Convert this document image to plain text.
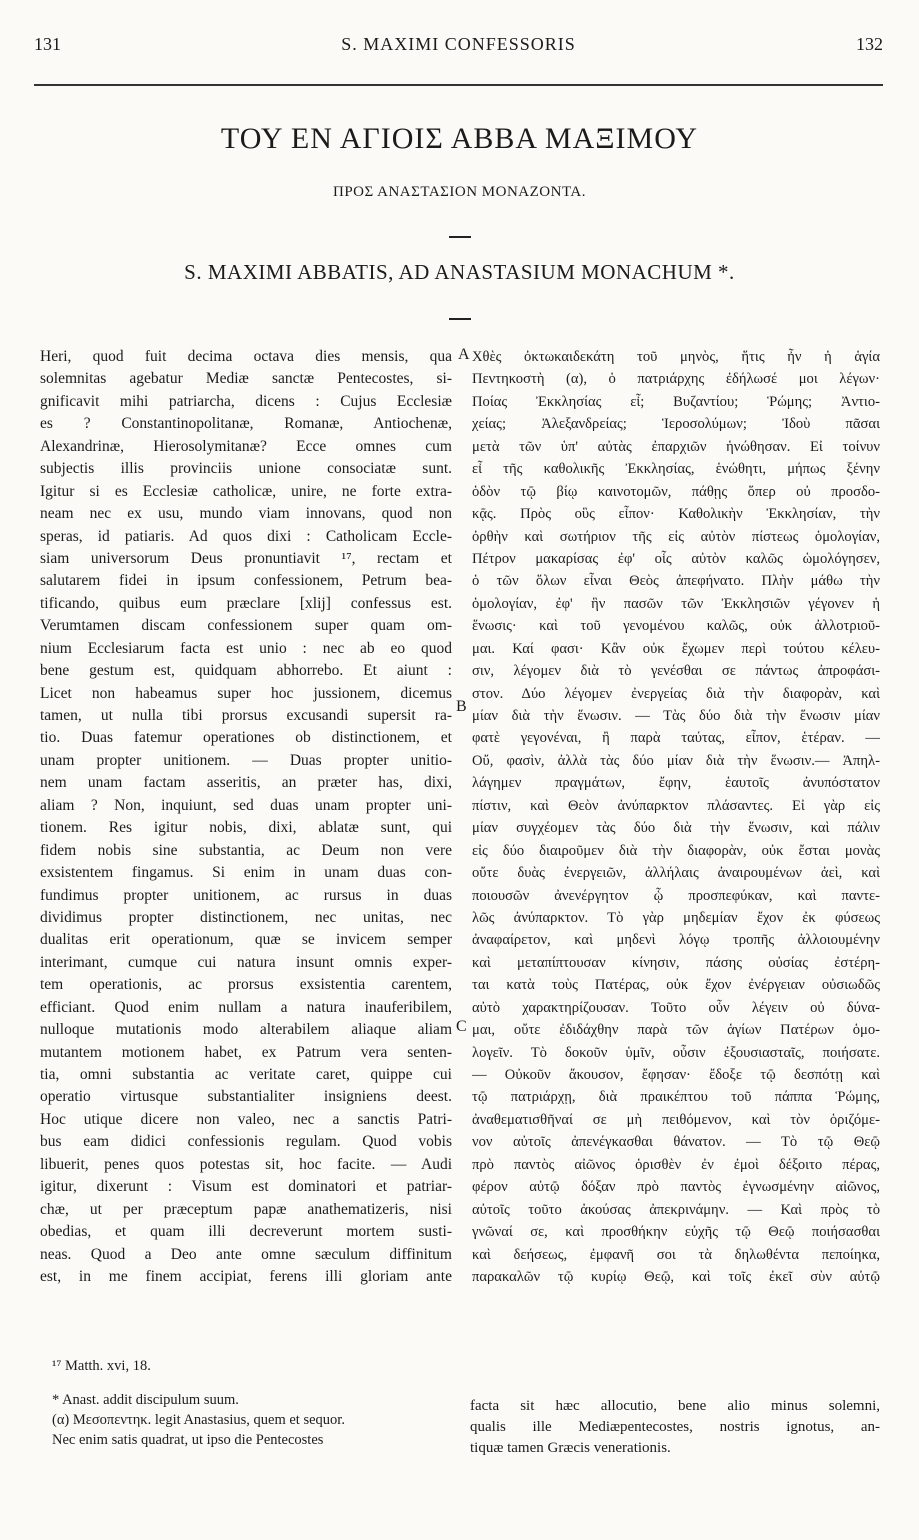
131	S. MAXIMI CONFESSORIS	132
ΤΟΥ ΕΝ ΑΓΙΟΙΣ ΑΒΒΑ ΜΑΞΙΜΟΥ
ΠΡΟΣ ΑΝΑΣΤΑΣΙΟΝ ΜΟΝΑΖΟΝΤΑ.
S. MAXIMI ABBATIS, AD ANASTASIUM MONACHUM *.
Heri, quod fuit decima octava dies mensis, qua
solemnitas agebatur Mediæ sanctæ Pentecostes, si-
gnificavit mihi patriarcha, dicens : Cujus Ecclesiæ
es ? Constantinopolitanæ, Romanæ, Antiochenæ,
Alexandrinæ, Hierosolymitanæ? Ecce omnes cum
subjectis illis provinciis unione consociatæ sunt.
Igitur si es Ecclesiæ catholicæ, unire, ne forte extra-
neam nec ex usu, mundo viam innovans, quod non
speras, id patiaris. Ad quos dixi : Catholicam Eccle-
siam universorum Deus pronuntiavit ¹⁷, rectam et
salutarem fidei in ipsum confessionem, Petrum bea-
tificando, quibus eum præclare [xlij] confessus est.
Verumtamen discam confessionem super quam om-
nium Ecclesiarum facta est unio : nec ab eo quod
bene gestum est, quidquam abhorrebo. Et aiunt :
Licet non habeamus super hoc jussionem, dicemus
tamen, ut nulla tibi prorsus excusandi supersit ra-
tio. Duas fatemur operationes ob distinctionem, et
unam propter unitionem. — Duas propter unitio-
nem unam factam asseritis, an præter has, dixi,
aliam ? Non, inquiunt, sed duas unam propter uni-
tionem. Res igitur nobis, dixi, ablatæ sunt, qui
fidem nobis sine substantia, ac Deum non vere
exsistentem fingamus. Si enim in unam duas con-
fundimus propter unitionem, ac rursus in duas
dividimus propter distinctionem, nec unitas, nec
dualitas erit operationum, quæ se invicem semper
interimant, cumque cui natura insunt omnis exper-
tem operationis, ac prorsus exsistentia carentem,
efficiant. Quod enim nullam a natura inauferibilem,
nulloque mutationis modo alterabilem aliaque aliam
mutantem motionem habet, ex Patrum vera senten-
tia, omni substantia ac veritate caret, quippe cui
operatio virtusque substantialiter insigniens deest.
Hoc utique dicere non valeo, nec a sanctis Patri-
bus eam didici confessionis regulam. Quod vobis
libuerit, penes quos potestas sit, hoc facite. — Audi
igitur, dixerunt : Visum est dominatori et patriar-
chæ, ut per præceptum papæ anathematizeris, nisi
obedias, et quam illi decreverunt mortem susti-
neas. Quod a Deo ante omne sæculum diffinitum
est, in me finem accipiat, ferens illi gloriam ante
Χθὲς ὀκτωκαιδεκάτη τοῦ μηνὸς, ἥτις ἦν ἡ ἁγία
Πεντηκοστὴ (α), ὁ πατριάρχης ἐδήλωσέ μοι λέγων·
Ποίας Ἐκκλησίας εἶ; Βυζαντίου; Ῥώμης; Ἀντιο-
χείας; Ἀλεξανδρείας; Ἱεροσολύμων; Ἰδοὺ πᾶσαι
μετὰ τῶν ὑπ' αὐτὰς ἐπαρχιῶν ἡνώθησαν. Εἰ τοίνυν
εἶ τῆς καθολικῆς Ἐκκλησίας, ἑνώθητι, μήπως ξένην
ὁδὸν τῷ βίῳ καινοτομῶν, πάθῃς ὅπερ οὐ προσδο-
κᾷς. Πρὸς οὓς εἶπον· Καθολικὴν Ἐκκλησίαν, τὴν
ὀρθὴν καὶ σωτήριον τῆς εἰς αὐτὸν πίστεως ὁμολογίαν,
Πέτρον μακαρίσας ἐφ' οἷς αὐτὸν καλῶς ὡμολόγησεν,
ὁ τῶν ὅλων εἶναι Θεὸς ἀπεφήνατο. Πλὴν μάθω τὴν
ὁμολογίαν, ἐφ' ἣν πασῶν τῶν Ἐκκλησιῶν γέγονεν ἡ
ἕνωσις· καὶ τοῦ γενομένου καλῶς, οὐκ ἀλλοτριοῦ-
μαι. Καί φασι· Κἂν οὐκ ἔχωμεν περὶ τούτου κέλευ-
σιν, λέγομεν διὰ τὸ γενέσθαι σε πάντως ἀπροφάσι-
στον. Δύο λέγομεν ἐνεργείας διὰ τὴν διαφορὰν, καὶ
μίαν διὰ τὴν ἕνωσιν. — Τὰς δύο διὰ τὴν ἕνωσιν μίαν
φατὲ γεγονέναι, ἢ παρὰ ταύτας, εἶπον, ἑτέραν. —
Οὔ, φασὶν, ἀλλὰ τὰς δύο μίαν διὰ τὴν ἕνωσιν.— Ἀπηλ-
λάγημεν πραγμάτων, ἔφην, ἑαυτοῖς ἀνυπόστατον
πίστιν, καὶ Θεὸν ἀνύπαρκτον πλάσαντες. Εἰ γὰρ εἰς
μίαν συγχέομεν τὰς δύο διὰ τὴν ἕνωσιν, καὶ πάλιν
εἰς δύο διαιροῦμεν διὰ τὴν διαφορὰν, οὐκ ἔσται μονὰς
οὔτε δυὰς ἐνεργειῶν, ἀλλήλαις ἀναιρουμένων ἀεὶ, καὶ
ποιουσῶν ἀνενέργητον ᾧ προσπεφύκαν, καὶ παντε-
λῶς ἀνύπαρκτον. Τὸ γὰρ μηδεμίαν ἔχον ἐκ φύσεως
ἀναφαίρετον, καὶ μηδενὶ λόγῳ τροπῆς ἀλλοιουμένην
καὶ μεταπίπτουσαν κίνησιν, πάσης οὐσίας ἐστέρη-
ται κατὰ τοὺς Πατέρας, οὐκ ἔχον ἐνέργειαν οὐσιωδῶς
αὐτὸ χαρακτηρίζουσαν. Τοῦτο οὖν λέγειν οὐ δύνα-
μαι, οὔτε ἐδιδάχθην παρὰ τῶν ἁγίων Πατέρων ὁμο-
λογεῖν. Τὸ δοκοῦν ὑμῖν, οὖσιν ἐξουσιασταῖς, ποιήσατε.
— Οὐκοῦν ἄκουσον, ἔφησαν· ἔδοξε τῷ δεσπότῃ καὶ
τῷ πατριάρχῃ, διὰ πραικέπτου τοῦ πάππα Ῥώμης,
ἀναθεματισθῆναί σε μὴ πειθόμενον, καὶ τὸν ὁριζόμε-
νον αὐτοῖς ἀπενέγκασθαι θάνατον. — Τὸ τῷ Θεῷ
πρὸ παντὸς αἰῶνος ὁρισθὲν ἐν ἐμοὶ δέξοιτο πέρας,
φέρον αὐτῷ δόξαν πρὸ παντὸς ἐγνωσμένην αἰῶνος,
αὐτοῖς τοῦτο ἀκούσας ἀπεκρινάμην. — Καὶ πρὸς τὸ
γνῶναί σε, καὶ προσθήκην εὐχῆς τῷ Θεῷ ποιήσασθαι
καὶ δεήσεως, ἐμφανῆ σοι τὰ δηλωθέντα πεποίηκα,
παρακαλῶν τῷ κυρίῳ Θεῷ, καὶ τοῖς ἐκεῖ σὺν αὐτῷ
A
B
C
¹⁷ Matth. xvi, 18.
* Anast. addit discipulum suum.
(α) Μεσοπεντηκ. legit Anastasius, quem et sequor.
Nec enim satis quadrat, ut ipso die Pentecostes
facta sit hæc allocutio, bene alio minus solemni,
qualis ille Mediæpentecostes, nostris ignotus, an-
tiquæ tamen Græcis venerationis.
